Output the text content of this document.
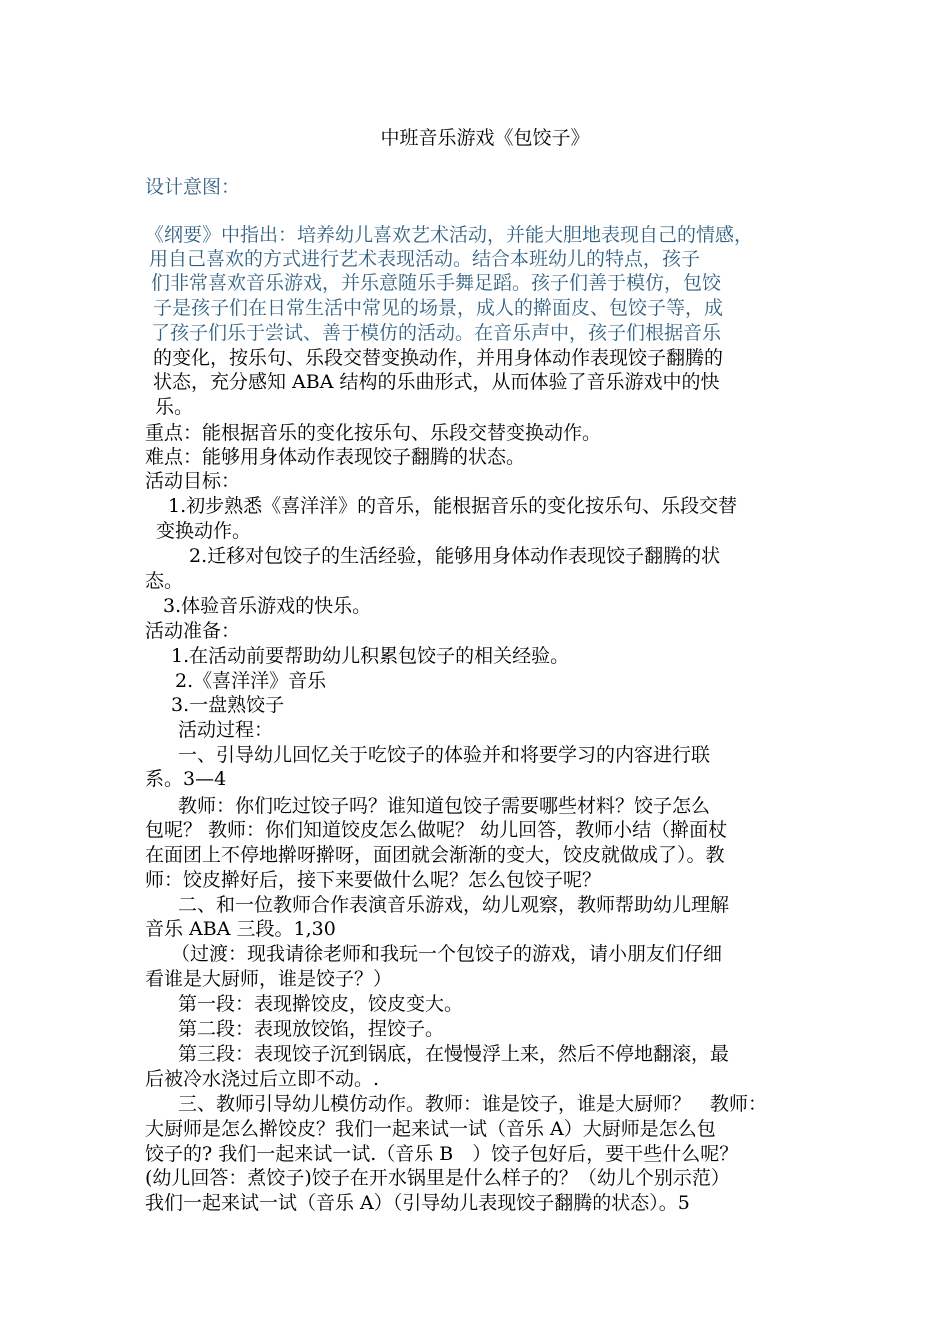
中班音乐游戏《包饺子》
设计意图：
《纲要》中指出：培养幼儿喜欢艺术活动，并能大胆地表现自己的情感，
用自己喜欢的方式进行艺术表现活动。结合本班幼儿的特点，孩子
们非常喜欢音乐游戏，并乐意随乐手舞足蹈。孩子们善于模仿，包饺
子是孩子们在日常生活中常见的场景，成人的擀面皮、包饺子等，成
了孩子们乐于尝试、善于模仿的活动。在音乐声中，孩子们根据音乐
的变化，按乐句、乐段交替变换动作，并用身体动作表现饺子翻腾的
状态，充分感知 ABA 结构的乐曲形式，从而体验了音乐游戏中的快
乐。
重点：能根据音乐的变化按乐句、乐段交替变换动作。
难点：能够用身体动作表现饺子翻腾的状态。
活动目标：
1.初步熟悉《喜洋洋》的音乐，能根据音乐的变化按乐句、乐段交替
变换动作。
2.迁移对包饺子的生活经验，能够用身体动作表现饺子翻腾的状
态。
3.体验音乐游戏的快乐。
活动准备：
1.在活动前要帮助幼儿积累包饺子的相关经验。
2.《喜洋洋》音乐
3.一盘熟饺子
活动过程：
一、引导幼儿回忆关于吃饺子的体验并和将要学习的内容进行联
系。3—4
教师：你们吃过饺子吗？谁知道包饺子需要哪些材料？饺子怎么
包呢？ 教师：你们知道饺皮怎么做呢？ 幼儿回答，教师小结（擀面杖
在面团上不停地擀呀擀呀，面团就会渐渐的变大，饺皮就做成了）。教
师：饺皮擀好后，接下来要做什么呢？怎么包饺子呢？
二、和一位教师合作表演音乐游戏，幼儿观察，教师帮助幼儿理解
音乐 ABA 三段。1,30
（过渡：现我请徐老师和我玩一个包饺子的游戏，请小朋友们仔细
看谁是大厨师，谁是饺子？）
第一段：表现擀饺皮，饺皮变大。
第二段：表现放饺馅，捏饺子。
第三段：表现饺子沉到锅底，在慢慢浮上来，然后不停地翻滚，最
后被冷水浇过后立即不动。.
三、教师引导幼儿模仿动作。教师：谁是饺子，谁是大厨师？　教师：
大厨师是怎么擀饺皮？我们一起来试一试（音乐 A）大厨师是怎么包
饺子的? 我们一起来试一试.（音乐 B　）饺子包好后，要干些什么呢？
(幼儿回答：煮饺子)饺子在开水锅里是什么样子的？（幼儿个别示范）
我们一起来试一试（音乐 A）（引导幼儿表现饺子翻腾的状态）。5
